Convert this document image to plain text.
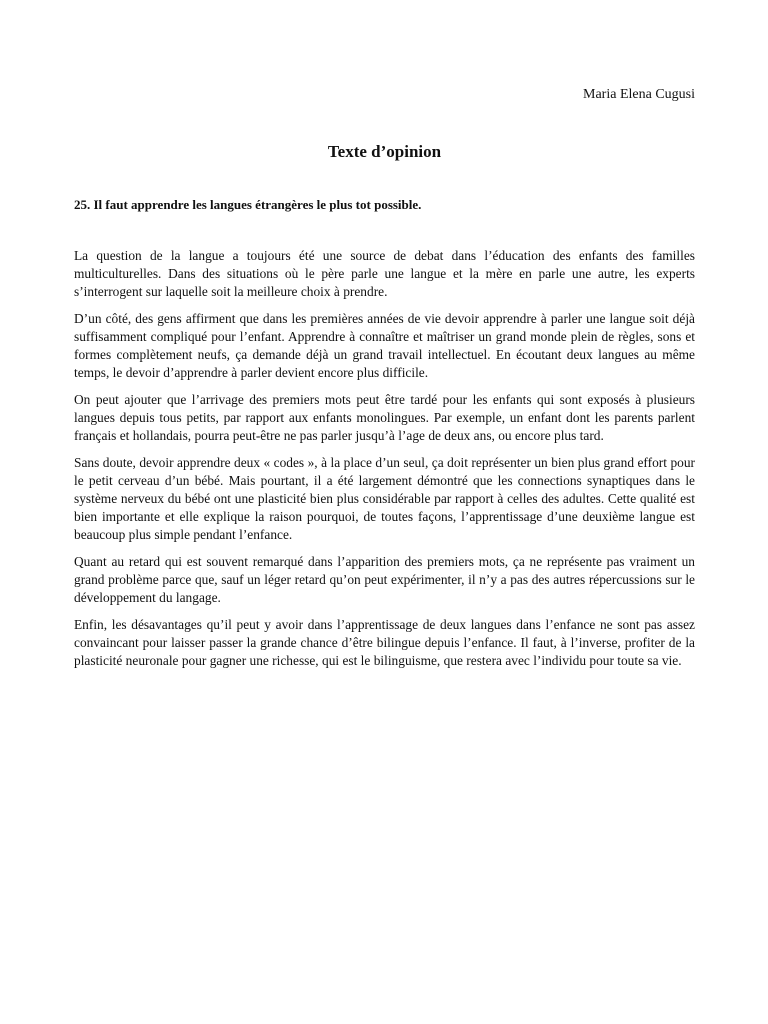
Maria Elena Cugusi
Texte d’opinion
25. Il faut apprendre les langues étrangères le plus tot possible.

La question de la langue a toujours été une source de debat dans l’éducation des enfants des familles multiculturelles. Dans des situations où le père parle une langue et la mère en parle une autre, les experts s’interrogent sur laquelle soit la meilleure choix à prendre.

D’un côté, des gens affirment que dans les premières années de vie devoir apprendre à parler une langue soit déjà suffisamment compliqué pour l’enfant. Apprendre à connaître et maîtriser un grand monde plein de règles, sons et formes complètement neufs, ça demande déjà un grand travail intellectuel. En écoutant deux langues au même temps, le devoir d’apprendre à parler devient encore plus difficile.

On peut ajouter que l’arrivage des premiers mots peut être tardé pour les enfants qui sont exposés à plusieurs langues depuis tous petits, par rapport aux enfants monolingues. Par exemple, un enfant dont les parents parlent français et hollandais, pourra peut-être ne pas parler jusqu’à l’age de deux ans, ou encore plus tard.

Sans doute, devoir apprendre deux « codes », à la place d’un seul, ça doit représenter un bien plus grand effort pour le petit cerveau d’un bébé. Mais pourtant, il a été largement démontré que les connections synaptiques dans le système nerveux du bébé ont une plasticité bien plus considérable par rapport à celles des adultes. Cette qualité est bien importante et elle explique la raison pourquoi, de toutes façons, l’apprentissage d’une deuxième langue est beaucoup plus simple pendant l’enfance.

Quant au retard qui est souvent remarqué dans l’apparition des premiers mots, ça ne représente pas vraiment un grand problème parce que, sauf un léger retard qu’on peut expérimenter, il n’y a pas des autres répercussions sur le développement du langage.

Enfin, les désavantages qu’il peut y avoir dans l’apprentissage de deux langues dans l’enfance ne sont pas assez convaincant pour laisser passer la grande chance d’être bilingue depuis l’enfance. Il faut, à l’inverse, profiter de la plasticité neuronale pour gagner une richesse, qui est le bilinguisme, que restera avec l’individu pour toute sa vie.
